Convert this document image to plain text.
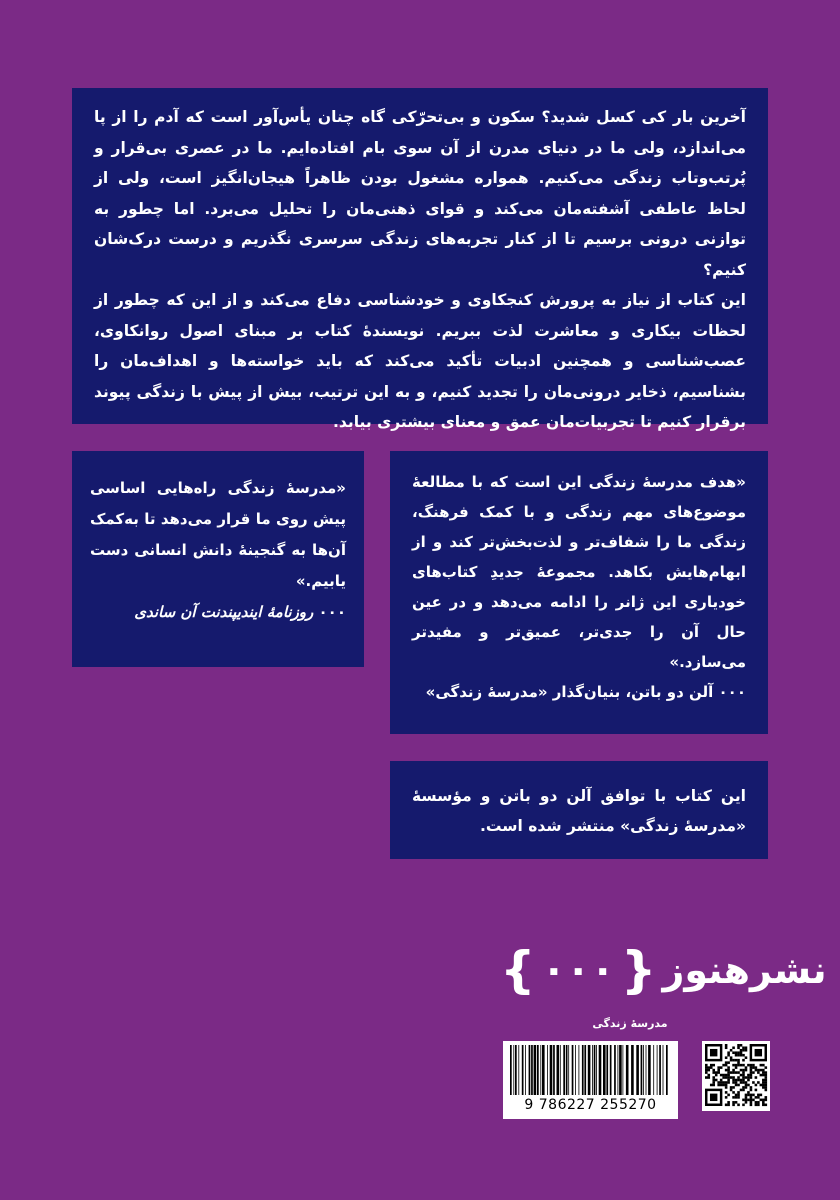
آخرین بار کی کسل شدید؟ سکون و بی‌تحرّکی گاه چنان یأس‌آور است که آدم را از پا می‌اندازد، ولی ما در دنیای مدرن از آن سوی بام افتاده‌ایم. ما در عصری بی‌قرار و پُرتب‌وتاب زندگی می‌کنیم. همواره مشغول بودن ظاهراً هیجان‌انگیز است، ولی از لحاظ عاطفی آشفته‌مان می‌کند و قوای ذهنی‌مان را تحلیل می‌برد. اما چطور به توازنی درونی برسیم تا از کنار تجربه‌های زندگی سرسری نگذریم و درست درک‌شان کنیم؟

این کتاب از نیاز به پرورش کنجکاوی و خودشناسی دفاع می‌کند و از این که چطور از لحظات بیکاری و معاشرت لذت ببریم. نویسندهٔ کتاب بر مبنای اصول روانکاوی، عصب‌شناسی و همچنین ادبیات تأکید می‌کند که باید خواسته‌ها و اهداف‌مان را بشناسیم، ذخایر درونی‌مان را تجدید کنیم، و به این ترتیب، بیش از پیش با زندگی پیوند برقرار کنیم تا تجربیات‌مان عمق و معنای بیشتری بیابد.

«هدف مدرسهٔ زندگی این است که با مطالعهٔ موضوع‌های مهم زندگی و با کمک فرهنگ، زندگی ما را شفاف‌تر و لذت‌بخش‌تر کند و از ابهام‌هایش بکاهد. مجموعهٔ جدیدِ کتاب‌های خودیاری این ژانر را ادامه می‌دهد و در عین حال آن را جدی‌تر، عمیق‌تر و مفیدتر می‌سازد.»

۰۰۰ آلن دو باتن، بنیان‌گذار «مدرسهٔ زندگی»

«مدرسهٔ زندگی راه‌هایی اساسی پیش روی ما قرار می‌دهد تا به‌کمک آن‌ها به گنجینهٔ دانش انسانی دست یابیم.»

۰۰۰ روزنامهٔ ایندیپندنت آن ساندی

این کتاب با توافق آلن دو باتن و مؤسسهٔ «مدرسهٔ زندگی» منتشر شده است.

نشرهنوز
{
۰۰۰
}
مدرسهٔ زندگی
9 786227 255270
